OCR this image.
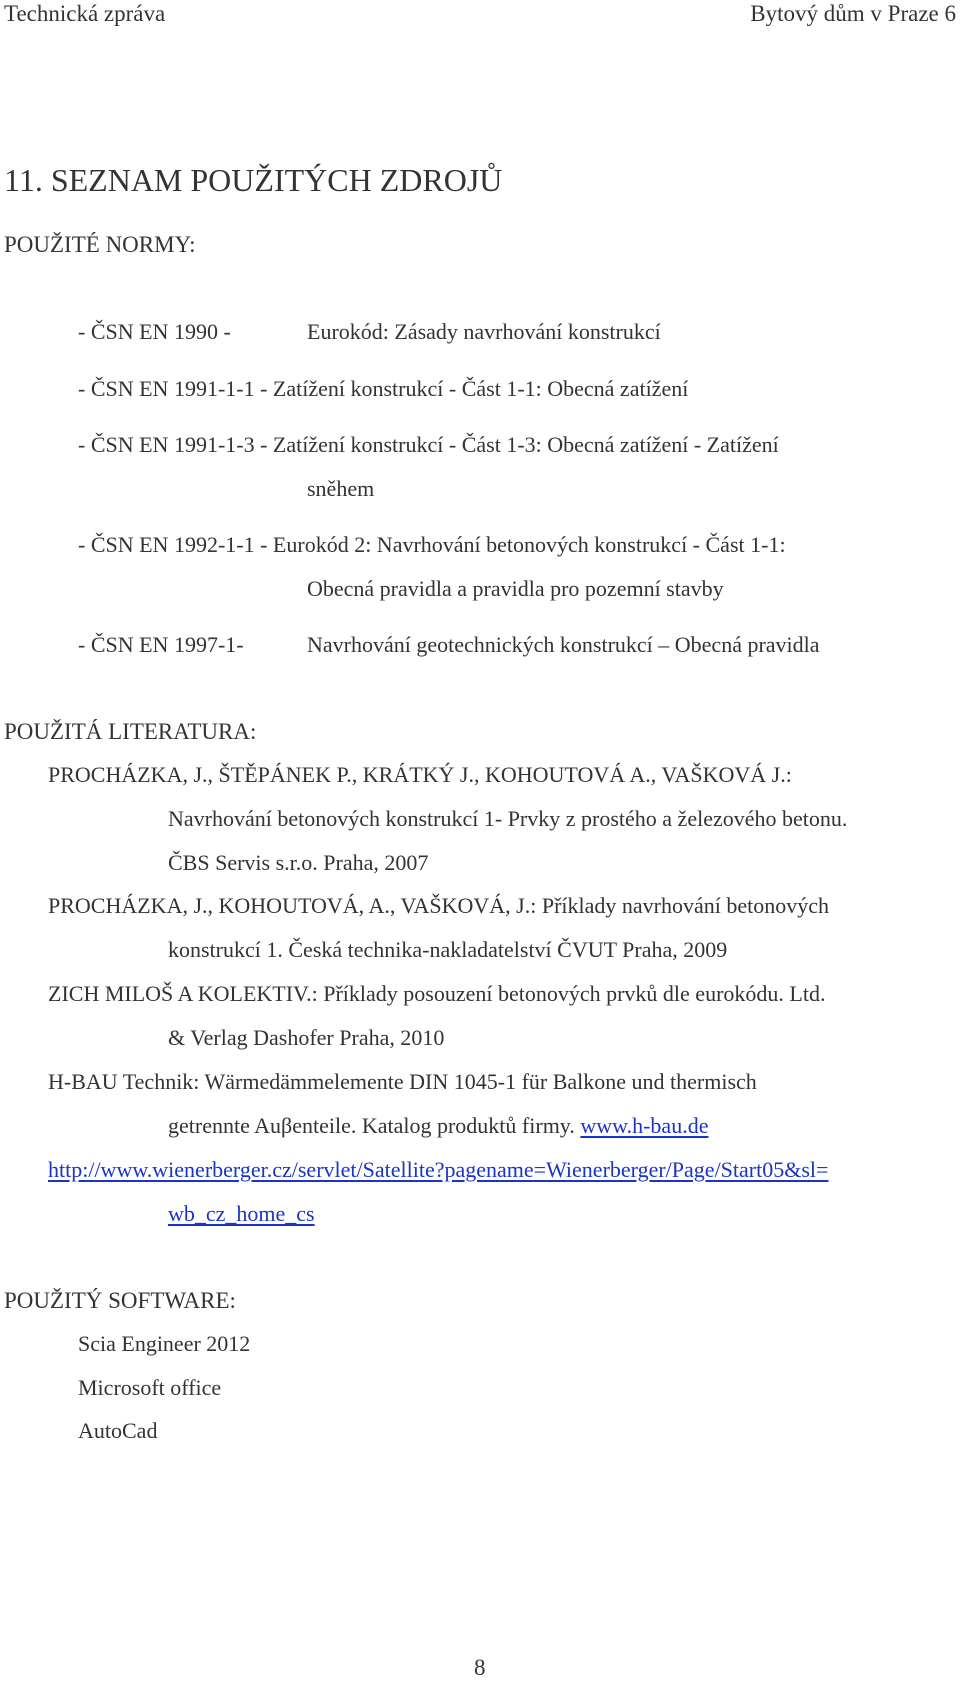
Technická zpráva	Bytový dům v Praze 6
11. SEZNAM POUŽITÝCH ZDROJŮ
POUŽITÉ NORMY:
- ČSN EN 1990 -	Eurokód: Zásady navrhování konstrukcí
- ČSN EN 1991-1-1 - Zatížení konstrukcí - Část 1-1: Obecná zatížení
- ČSN EN 1991-1-3 - Zatížení konstrukcí - Část 1-3: Obecná zatížení - Zatížení
sněhem
- ČSN EN 1992-1-1 - Eurokód 2: Navrhování betonových konstrukcí - Část 1-1:
Obecná pravidla a pravidla pro pozemní stavby
- ČSN EN 1997-1-	Navrhování geotechnických konstrukcí – Obecná pravidla
POUŽITÁ LITERATURA:
PROCHÁZKA, J., ŠTĚPÁNEK P., KRÁTKÝ J., KOHOUTOVÁ A., VAŠKOVÁ J.:
Navrhování betonových konstrukcí 1- Prvky z prostého a železového betonu.
ČBS Servis s.r.o. Praha, 2007
PROCHÁZKA, J., KOHOUTOVÁ, A., VAŠKOVÁ, J.: Příklady navrhování betonových
konstrukcí 1. Česká technika-nakladatelství ČVUT Praha, 2009
ZICH MILOŠ A KOLEKTIV.: Příklady posouzení betonových prvků dle eurokódu. Ltd.
& Verlag Dashofer Praha, 2010
H-BAU Technik: Wärmedämmelemente DIN 1045-1 für Balkone und thermisch
getrennte Auβenteile. Katalog produktů firmy. www.h-bau.de
http://www.wienerberger.cz/servlet/Satellite?pagename=Wienerberger/Page/Start05&sl=
wb_cz_home_cs
POUŽITÝ SOFTWARE:
Scia Engineer 2012
Microsoft office
AutoCad
8
